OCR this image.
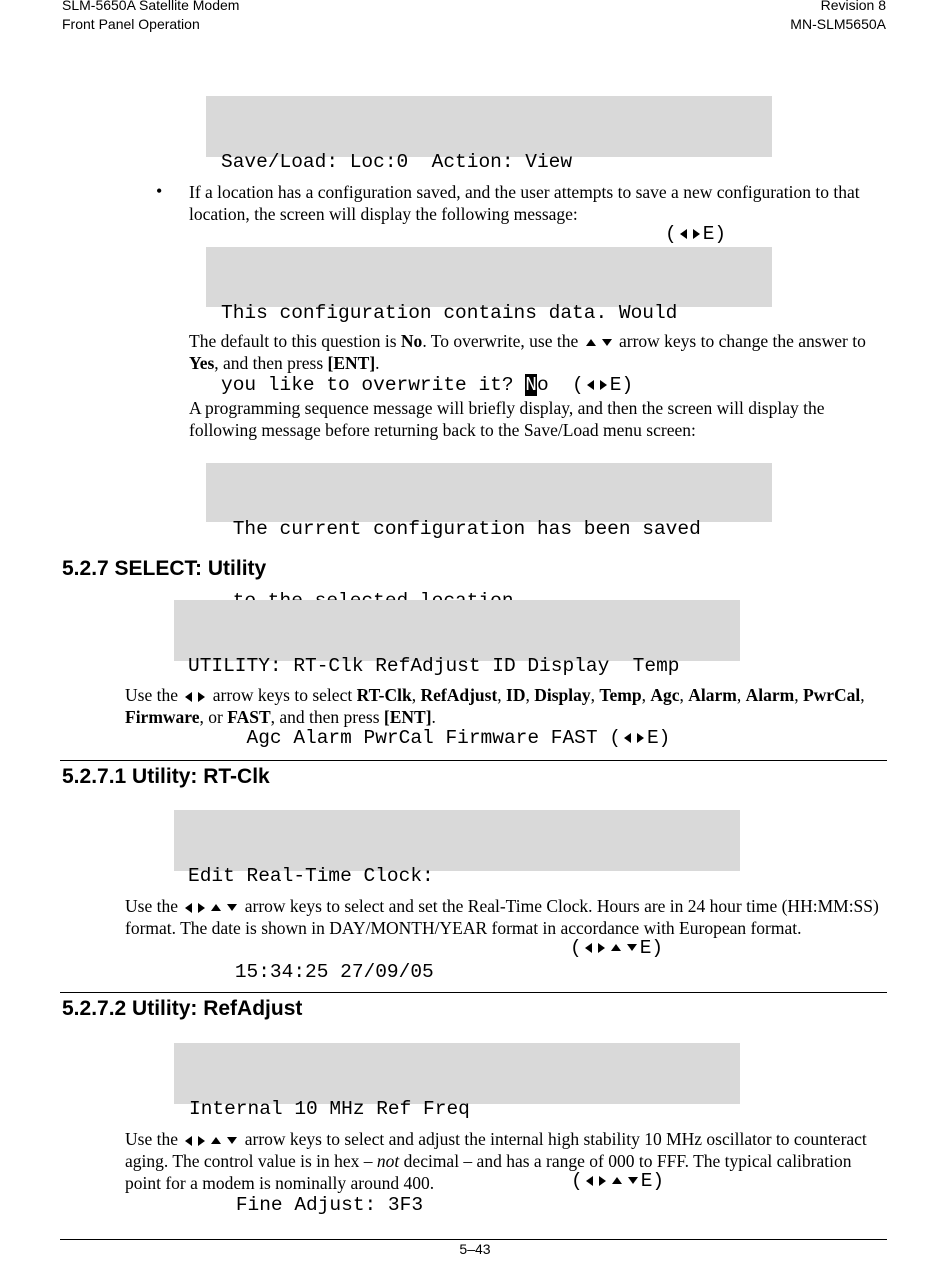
SLM-5650A Satellite Modem
Front Panel Operation
Revision 8
MN-SLM5650A

Save/Load: Loc:0  Action: View

( E)

• If a location has a configuration saved, and the user attempts to save a new configuration to that location, the screen will display the following message:

This configuration contains data. Would

you like to overwrite it? No  ( E)

The default to this question is No. To overwrite, use the  arrow keys to change the answer to Yes, and then press [ENT].
A programming sequence message will briefly display, and then the screen will display the following message before returning back to the Save/Load menu screen:

The current configuration has been saved

5.2.7 SELECT: Utility

UTILITY: RT-Clk RefAdjust ID Display  Temp

Agc Alarm PwrCal Firmware FAST ( E)

Use the  arrow keys to select RT-Clk, RefAdjust, ID, Display, Temp, Agc, Alarm, Alarm, PwrCal, Firmware, or FAST, and then press [ENT].
5.2.7.1 Utility: RT-Clk

Edit Real-Time Clock:

15:34:25 27/09/05

(	E)

Use the	arrow keys to select and set the Real-Time Clock. Hours are in 24 hour time (HH:MM:SS) format. The date is shown in DAY/MONTH/YEAR format in accordance with European format.
5.2.7.2 Utility: RefAdjust

Internal 10 MHz Ref Freq

Fine Adjust: 3F3

(	E)

Use the	arrow keys to select and adjust the internal high stability 10 MHz oscillator to counteract aging. The control value is in hex – not decimal – and has a range of 000 to FFF. The typical calibration point for a modem is nominally around 400.
5–43
